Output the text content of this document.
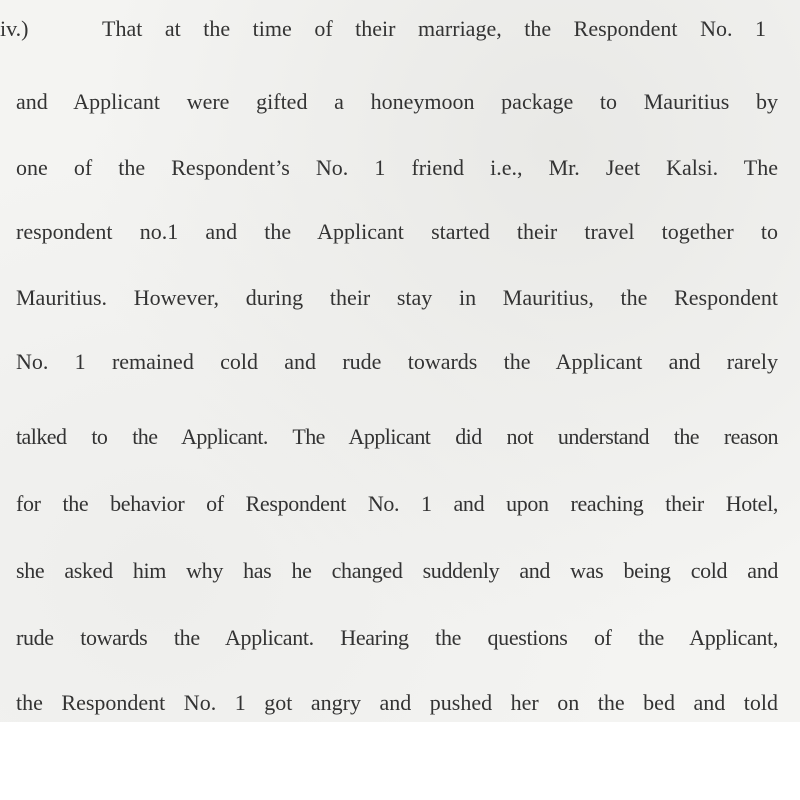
iv.)	That at the time of their marriage, the Respondent No. 1

and Applicant were gifted a honeymoon package to Mauritius by

one of the Respondent’s No. 1 friend i.e., Mr. Jeet Kalsi. The

respondent no.1 and the Applicant started their travel together to

Mauritius. However, during their stay in Mauritius, the Respondent

No. 1 remained cold and rude towards the Applicant and rarely

talked to the Applicant. The Applicant did not understand the reason

for the behavior of Respondent No. 1 and upon reaching their Hotel,

she asked him why has he changed suddenly and was being cold and

rude towards the Applicant. Hearing the questions of the Applicant,

the Respondent No. 1 got angry and pushed her on the bed and told
